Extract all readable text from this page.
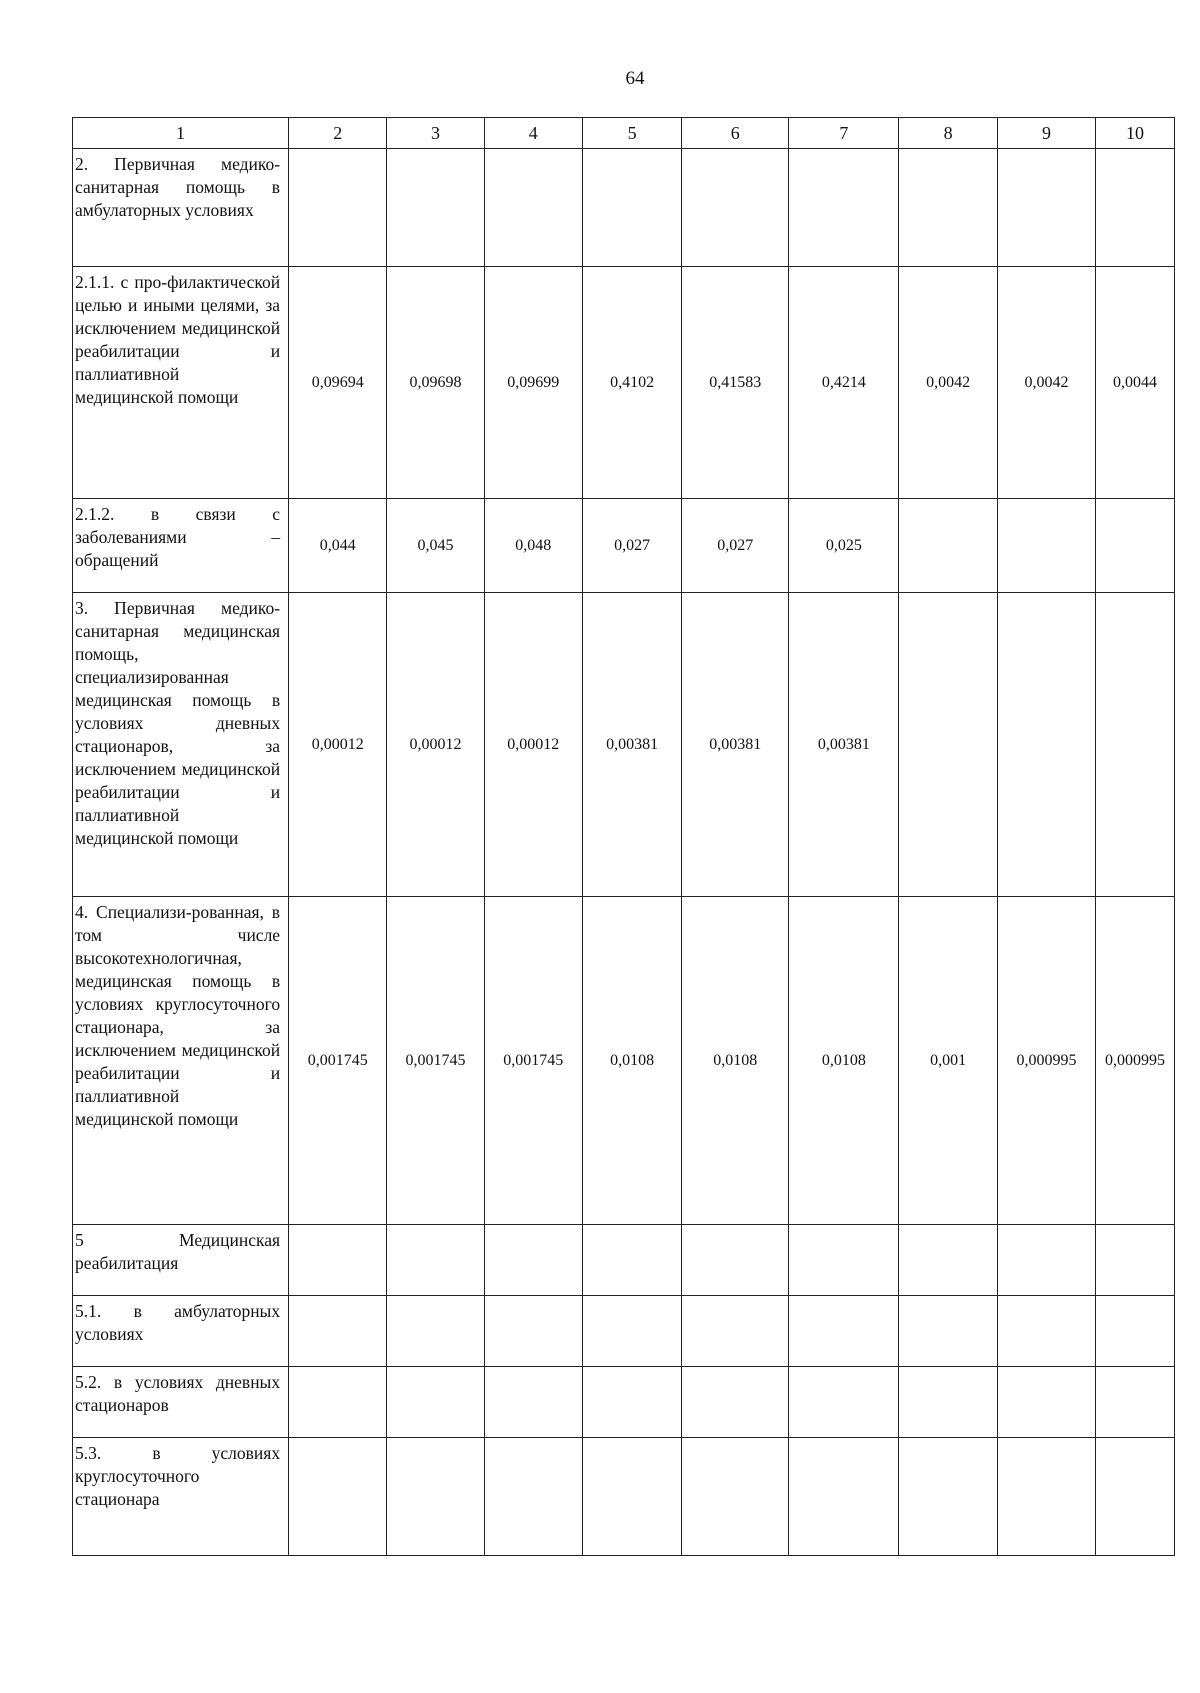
64
1	2	3	4	5	6	7	8	9	10
2. Первичная медико-санитарная помощь в амбулаторных условиях									
2.1.1. с про-филактической целью и иными целями, за исключением медицинской реабилитации и паллиативной медицинской помощи	0,09694	0,09698	0,09699	0,4102	0,41583	0,4214	0,0042	0,0042	0,0044
2.1.2. в связи с заболеваниями – обращений	0,044	0,045	0,048	0,027	0,027	0,025			
3. Первичная медико-санитарная медицинская помощь, специализированная медицинская помощь в условиях дневных стационаров, за исключением медицинской реабилитации и паллиативной медицинской помощи	0,00012	0,00012	0,00012	0,00381	0,00381	0,00381			
4. Специализи-рованная, в том числе высокотехнологичная, медицинская помощь в условиях круглосуточного стационара, за исключением медицинской реабилитации и паллиативной медицинской помощи	0,001745	0,001745	0,001745	0,0108	0,0108	0,0108	0,001	0,000995	0,000995
5 Медицинская реабилитация									
5.1. в амбулаторных условиях									
5.2. в условиях дневных стационаров									
5.3. в условиях круглосуточного стационара									
